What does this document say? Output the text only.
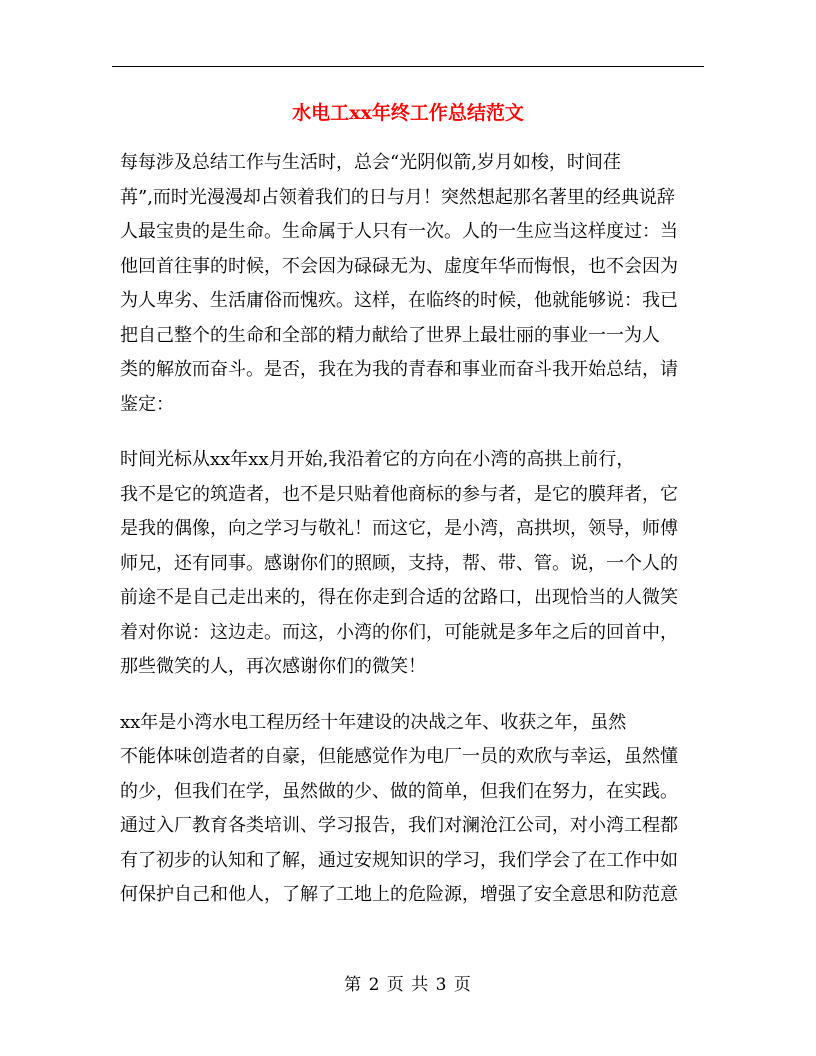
水电工xx年终工作总结范文
每每涉及总结工作与生活时，总会“光阴似箭,岁月如梭，时间荏
苒”,而时光漫漫却占领着我们的日与月！突然想起那名著里的经典说辞
人最宝贵的是生命。生命属于人只有一次。人的一生应当这样度过：当
他回首往事的时候，不会因为碌碌无为、虚度年华而悔恨，也不会因为
为人卑劣、生活庸俗而愧疚。这样，在临终的时候，他就能够说：我已
把自己整个的生命和全部的精力献给了世界上最壮丽的事业一一为人
类的解放而奋斗。是否，我在为我的青春和事业而奋斗我开始总结，请
鉴定：
时间光标从xx年xx月开始,我沿着它的方向在小湾的高拱上前行，
我不是它的筑造者，也不是只贴着他商标的参与者，是它的膜拜者，它
是我的偶像，向之学习与敬礼！而这它，是小湾，高拱坝，领导，师傅
师兄，还有同事。感谢你们的照顾，支持，帮、带、管。说，一个人的
前途不是自己走出来的，得在你走到合适的岔路口，出现恰当的人微笑
着对你说：这边走。而这，小湾的你们，可能就是多年之后的回首中，
那些微笑的人，再次感谢你们的微笑！
xx年是小湾水电工程历经十年建设的决战之年、收获之年，虽然
不能体味创造者的自豪，但能感觉作为电厂一员的欢欣与幸运，虽然懂
的少，但我们在学，虽然做的少、做的简单，但我们在努力，在实践。
通过入厂教育各类培训、学习报告，我们对澜沧江公司，对小湾工程都
有了初步的认知和了解，通过安规知识的学习，我们学会了在工作中如
何保护自己和他人，了解了工地上的危险源，增强了安全意思和防范意
第 2 页 共 3 页
